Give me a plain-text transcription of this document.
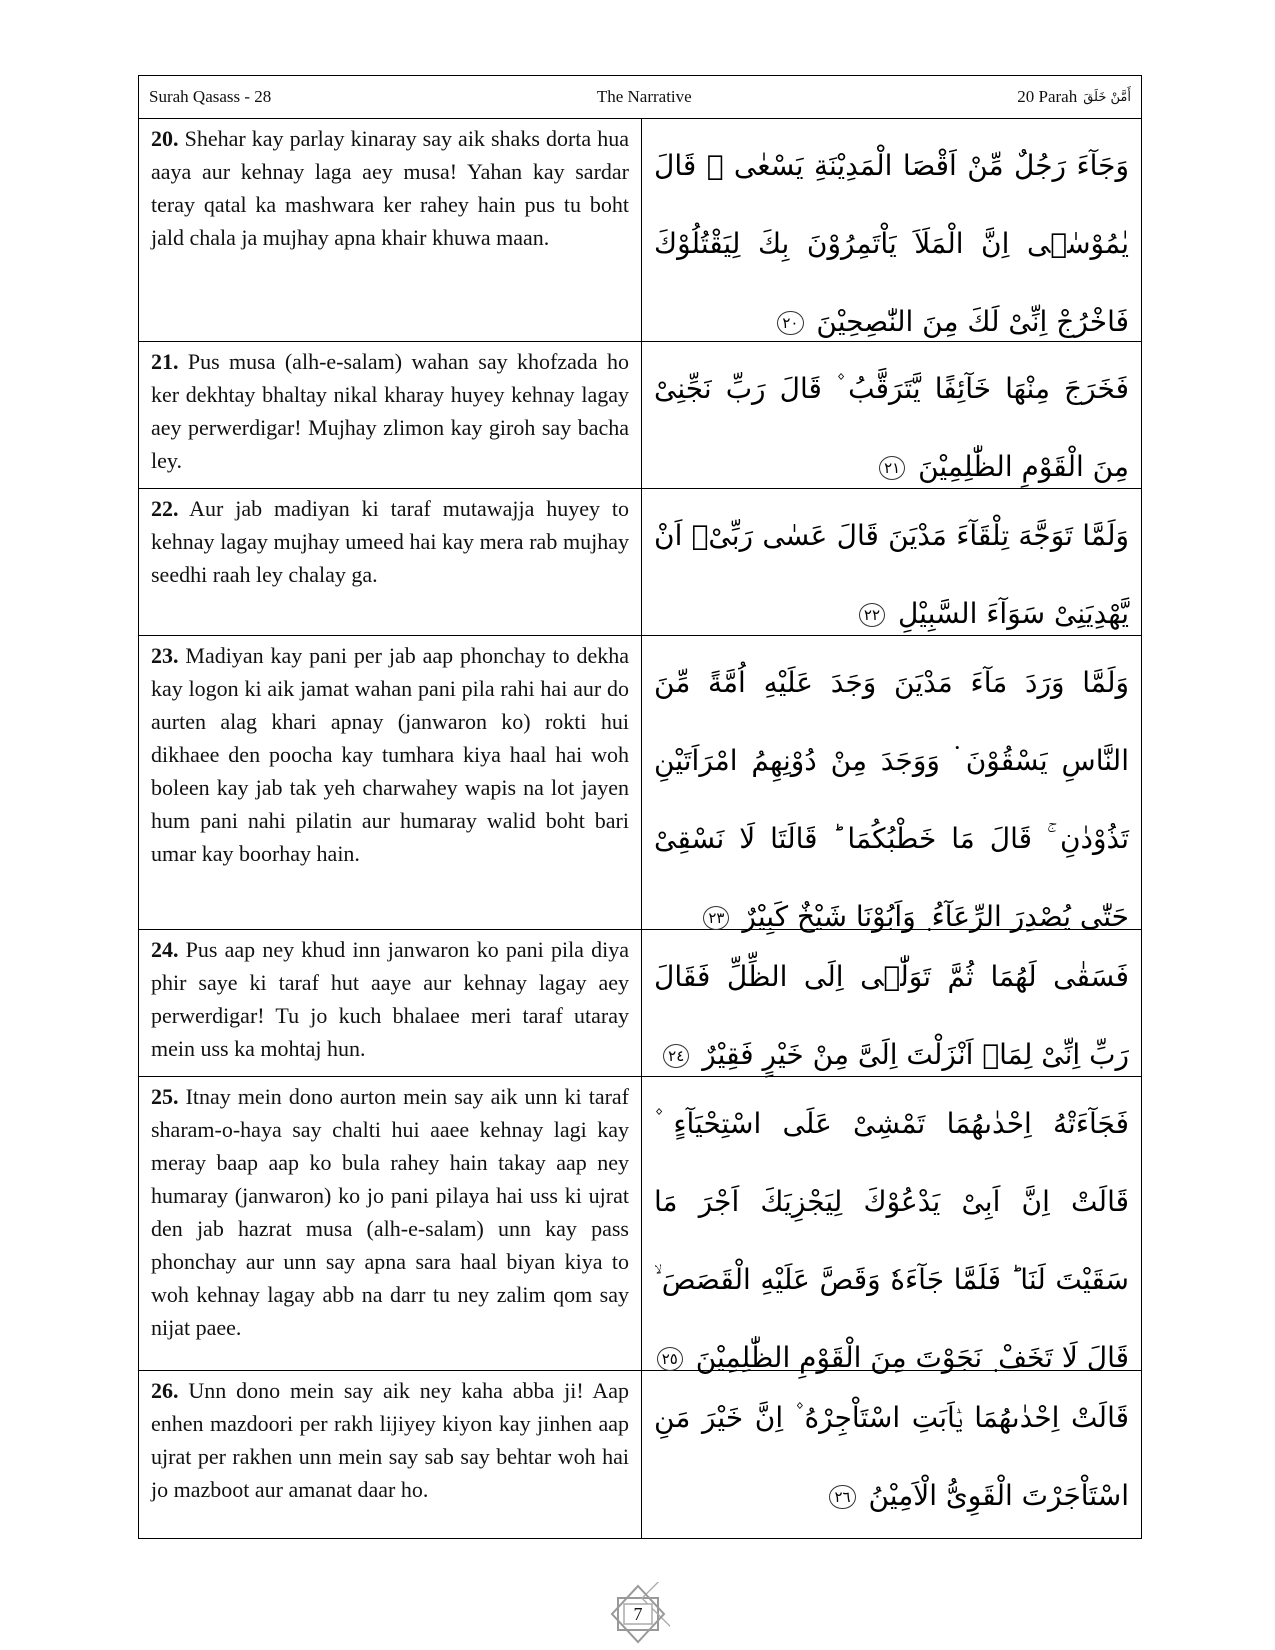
Surah Qasass - 28	The Narrative	20 Parah أَمَّنْ خَلَقَ
20. Shehar kay parlay kinaray say aik shaks dorta hua aaya aur kehnay laga aey musa! Yahan kay sardar teray qatal ka mashwara ker rahey hain pus tu boht jald chala ja mujhay apna khair khuwa maan.
وَجَآءَ رَجُلٌ مِّنْ اَقْصَا الْمَدِيْنَةِ يَسْعٰى ۫ قَالَ يٰمُوْسٰۤى اِنَّ الْمَلَاَ يَاْتَمِرُوْنَ بِكَ لِيَقْتُلُوْكَ فَاخْرُجْ اِنِّىْ لَكَ مِنَ النّٰصِحِيْنَ ٢٠
21. Pus musa (alh-e-salam) wahan say khofzada ho ker dekhtay bhaltay nikal kharay huyey kehnay lagay aey perwerdigar! Mujhay zlimon kay giroh say bacha ley.
فَخَرَجَ مِنْهَا خَآئِفًا يَّتَرَقَّبُ ۫ قَالَ رَبِّ نَجِّنِىْ مِنَ الْقَوْمِ الظّٰلِمِيْنَ ٢١
22. Aur jab madiyan ki taraf mutawajja huyey to kehnay lagay mujhay umeed hai kay mera rab mujhay seedhi raah ley chalay ga.
وَلَمَّا تَوَجَّهَ تِلْقَآءَ مَدْيَنَ قَالَ عَسٰى رَبِّىْۤ اَنْ يَّهْدِيَنِىْ سَوَآءَ السَّبِيْلِ ٢٢
23. Madiyan kay pani per jab aap phonchay to dekha kay logon ki aik jamat wahan pani pila rahi hai aur do aurten alag khari apnay (janwaron ko) rokti hui dikhaee den poocha kay tumhara kiya haal hai woh boleen kay jab tak yeh charwahey wapis na lot jayen hum pani nahi pilatin aur humaray walid boht bari umar kay boorhay hain.
وَلَمَّا وَرَدَ مَآءَ مَدْيَنَ وَجَدَ عَلَيْهِ اُمَّةً مِّنَ النَّاسِ يَسْقُوْنَ ۬ وَوَجَدَ مِنْ دُوْنِهِمُ امْرَاَتَيْنِ تَذُوْدٰنِ ۚ قَالَ مَا خَطْبُكُمَا ؕ قَالَتَا لَا نَسْقِىْ حَتّٰى يُصْدِرَ الرِّعَآءُ ٜ وَاَبُوْنَا شَيْخٌ كَبِيْرٌ ٢٣
24. Pus aap ney khud inn janwaron ko pani pila diya phir saye ki taraf hut aaye aur kehnay lagay aey perwerdigar! Tu jo kuch bhalaee meri taraf utaray mein uss ka mohtaj hun.
فَسَقٰى لَهُمَا ثُمَّ تَوَلّٰۤى اِلَى الظِّلِّ فَقَالَ رَبِّ اِنِّىْ لِمَاۤ اَنْزَلْتَ اِلَىَّ مِنْ خَيْرٍ فَقِيْرٌ ٢٤
25. Itnay mein dono aurton mein say aik unn ki taraf sharam-o-haya say chalti hui aaee kehnay lagi kay meray baap aap ko bula rahey hain takay aap ney humaray (janwaron) ko jo pani pilaya hai uss ki ujrat den jab hazrat musa (alh-e-salam) unn kay pass phonchay aur unn say apna sara haal biyan kiya to woh kehnay lagay abb na darr tu ney zalim qom say nijat paee.
فَجَآءَتْهُ اِحْدٰىهُمَا تَمْشِىْ عَلَى اسْتِحْيَآءٍ ۫ قَالَتْ اِنَّ اَبِىْ يَدْعُوْكَ لِيَجْزِيَكَ اَجْرَ مَا سَقَيْتَ لَنَا ؕ فَلَمَّا جَآءَهٗ وَقَصَّ عَلَيْهِ الْقَصَصَ ۙ قَالَ لَا تَخَفْ ٜ نَجَوْتَ مِنَ الْقَوْمِ الظّٰلِمِيْنَ ٢٥
26. Unn dono mein say aik ney kaha abba ji! Aap enhen mazdoori per rakh lijiyey kiyon kay jinhen aap ujrat per rakhen unn mein say sab say behtar woh hai jo mazboot aur amanat daar ho.
قَالَتْ اِحْدٰىهُمَا يٰۤاَبَتِ اسْتَاْجِرْهُ ۫ اِنَّ خَيْرَ مَنِ اسْتَاْجَرْتَ الْقَوِىُّ الْاَمِيْنُ ٢٦
7
